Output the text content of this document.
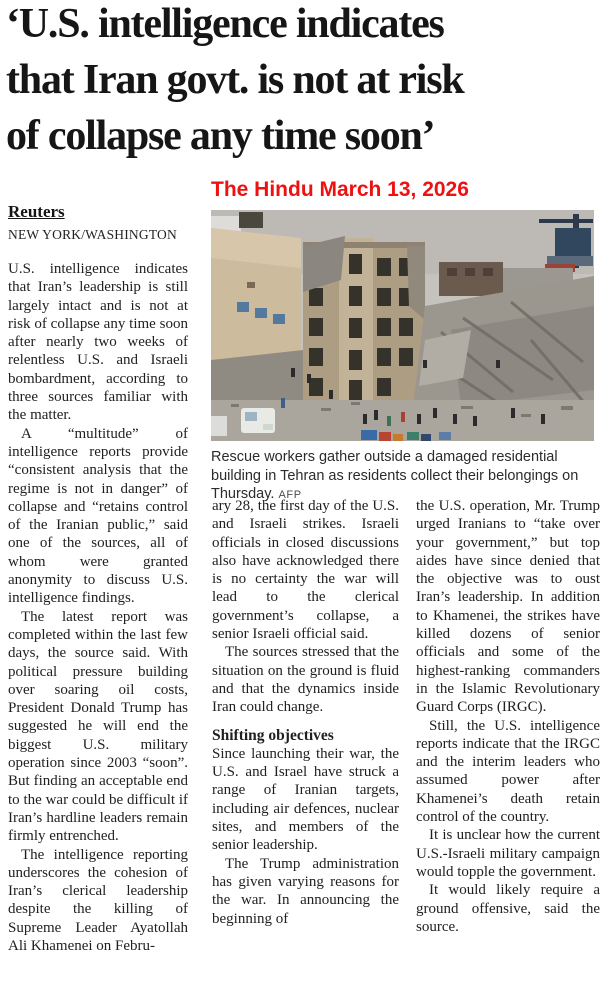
‘U.S. intelligence indicates
that Iran govt. is not at risk
of collapse any time soon’
The Hindu March 13, 2026
Reuters
NEW YORK/WASHINGTON
Rescue workers gather outside a damaged residential building in Tehran as residents collect their belongings on Thursday. AFP

U.S. intelligence indicates that Iran’s leadership is still largely intact and is not at risk of collapse any time soon after nearly two weeks of relentless U.S. and Israeli bombardment, according to three sources familiar with the matter.

A “multitude” of intelligence reports provide “consistent analysis that the regime is not in danger” of collapse and “retains control of the Iranian public,” said one of the sources, all of whom were granted anonymity to discuss U.S. intelligence findings.

The latest report was completed within the last few days, the source said. With political pressure building over soaring oil costs, President Donald Trump has suggested he will end the biggest U.S. military operation since 2003 “soon”. But finding an acceptable end to the war could be difficult if Iran’s hardline leaders remain firmly entrenched.

The intelligence reporting underscores the cohesion of Iran’s clerical leadership despite the killing of Supreme Leader Ayatollah Ali Khamenei on Febru-

ary 28, the first day of the U.S. and Israeli strikes. Israeli officials in closed discussions also have acknowledged there is no certainty the war will lead to the clerical government’s collapse, a senior Israeli official said.

The sources stressed that the situation on the ground is fluid and that the dynamics inside Iran could change.

Shifting objectives

Since launching their war, the U.S. and Israel have struck a range of Iranian targets, including air defences, nuclear sites, and members of the senior leadership.

The Trump administration has given varying reasons for the war. In announcing the beginning of

the U.S. operation, Mr. Trump urged Iranians to “take over your government,” but top aides have since denied that the objective was to oust Iran’s leadership. In addition to Khamenei, the strikes have killed dozens of senior officials and some of the highest-ranking commanders in the Islamic Revolutionary Guard Corps (IRGC).

Still, the U.S. intelligence reports indicate that the IRGC and the interim leaders who assumed power after Khamenei’s death retain control of the country.

It is unclear how the current U.S.-Israeli military campaign would topple the government.

It would likely require a ground offensive, said the source.
